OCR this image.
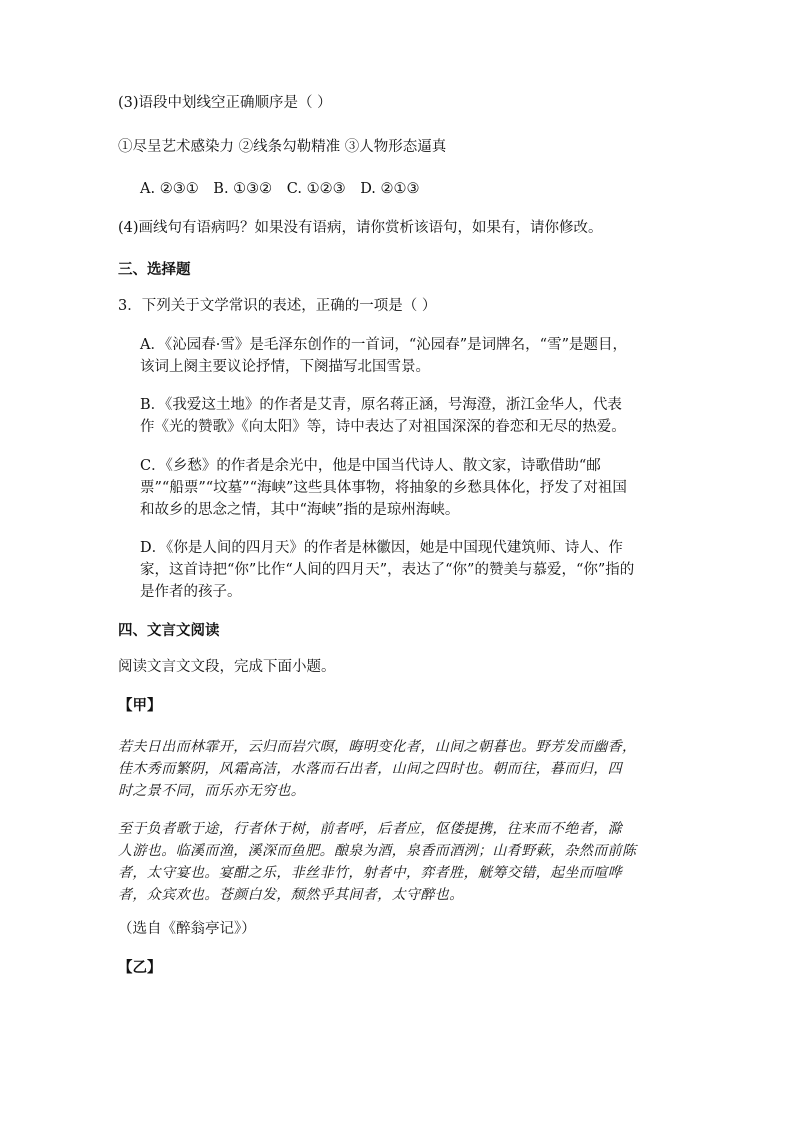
(3)语段中划线空正确顺序是（ ）
①尽呈艺术感染力 ②线条勾勒精准 ③人物形态逼真
A. ②③① B. ①③② C. ①②③ D. ②①③
(4)画线句有语病吗？如果没有语病，请你赏析该语句，如果有，请你修改。
三、选择题
3．下列关于文学常识的表述，正确的一项是（ ）
A．《沁园春·雪》是毛泽东创作的一首词，“沁园春”是词牌名，“雪”是题目，
该词上阕主要议论抒情，下阕描写北国雪景。
B．《我爱这土地》的作者是艾青，原名蒋正涵，号海澄，浙江金华人，代表
作《光的赞歌》《向太阳》等，诗中表达了对祖国深深的眷恋和无尽的热爱。
C．《乡愁》的作者是余光中，他是中国当代诗人、散文家，诗歌借助“邮
票”“船票”“坟墓”“海峡”这些具体事物，将抽象的乡愁具体化，抒发了对祖国
和故乡的思念之情，其中“海峡”指的是琼州海峡。
D．《你是人间的四月天》的作者是林徽因，她是中国现代建筑师、诗人、作
家，这首诗把“你”比作“人间的四月天”，表达了“你”的赞美与慕爱，“你”指的
是作者的孩子。
四、文言文阅读
阅读文言文文段，完成下面小题。
【甲】
若夫日出而林霏开，云归而岩穴暝，晦明变化者，山间之朝暮也。野芳发而幽香，
佳木秀而繁阴，风霜高洁，水落而石出者，山间之四时也。朝而往，暮而归，四
时之景不同，而乐亦无穷也。
至于负者歌于途，行者休于树，前者呼，后者应，伛偻提携，往来而不绝者，滁
人游也。临溪而渔，溪深而鱼肥。酿泉为酒，泉香而酒洌；山肴野蔌，杂然而前陈
者，太守宴也。宴酣之乐，非丝非竹，射者中，弈者胜，觥筹交错，起坐而喧哗
者，众宾欢也。苍颜白发，颓然乎其间者，太守醉也。
（选自《醉翁亭记》）
【乙】
